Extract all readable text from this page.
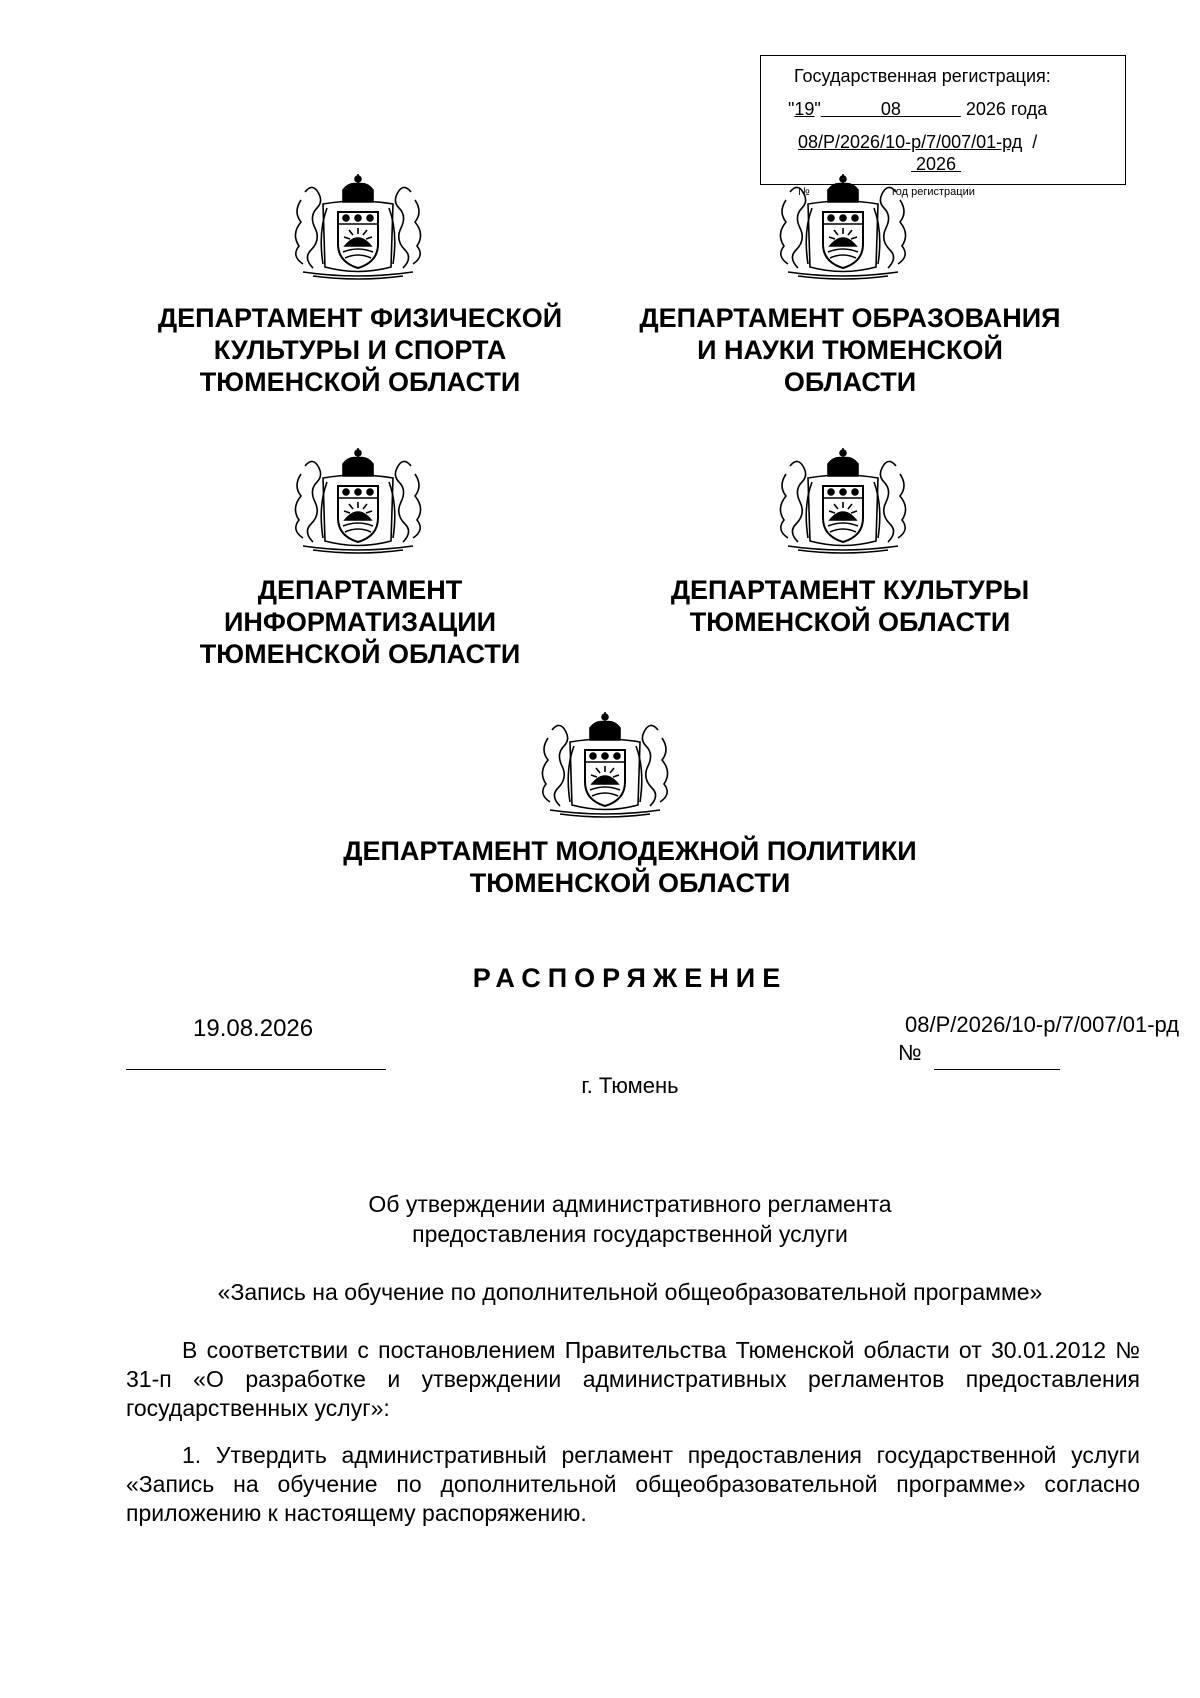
Государственная регистрация:
"19"	08	2026 года
08/Р/2026/10-р/7/007/01-рд  /
2026
№	год регистрации
ДЕПАРТАМЕНТ ФИЗИЧЕСКОЙ
КУЛЬТУРЫ И СПОРТА
ТЮМЕНСКОЙ ОБЛАСТИ
ДЕПАРТАМЕНТ ОБРАЗОВАНИЯ
И НАУКИ ТЮМЕНСКОЙ
ОБЛАСТИ
ДЕПАРТАМЕНТ
ИНФОРМАТИЗАЦИИ
ТЮМЕНСКОЙ ОБЛАСТИ
ДЕПАРТАМЕНТ КУЛЬТУРЫ
ТЮМЕНСКОЙ ОБЛАСТИ
ДЕПАРТАМЕНТ МОЛОДЕЖНОЙ ПОЛИТИКИ
ТЮМЕНСКОЙ ОБЛАСТИ
РАСПОРЯЖЕНИЕ
19.08.2026	08/Р/2026/10-р/7/007/01-рд
№
г. Тюмень
Об утверждении административного регламента
предоставления государственной услуги
«Запись на обучение по дополнительной общеобразовательной программе»
В соответствии с постановлением Правительства Тюменской области от 30.01.2012 № 31-п «О разработке и утверждении административных регламентов предоставления государственных услуг»:
1. Утвердить административный регламент предоставления государственной услуги «Запись на обучение по дополнительной общеобразовательной программе» согласно приложению к настоящему распоряжению.
